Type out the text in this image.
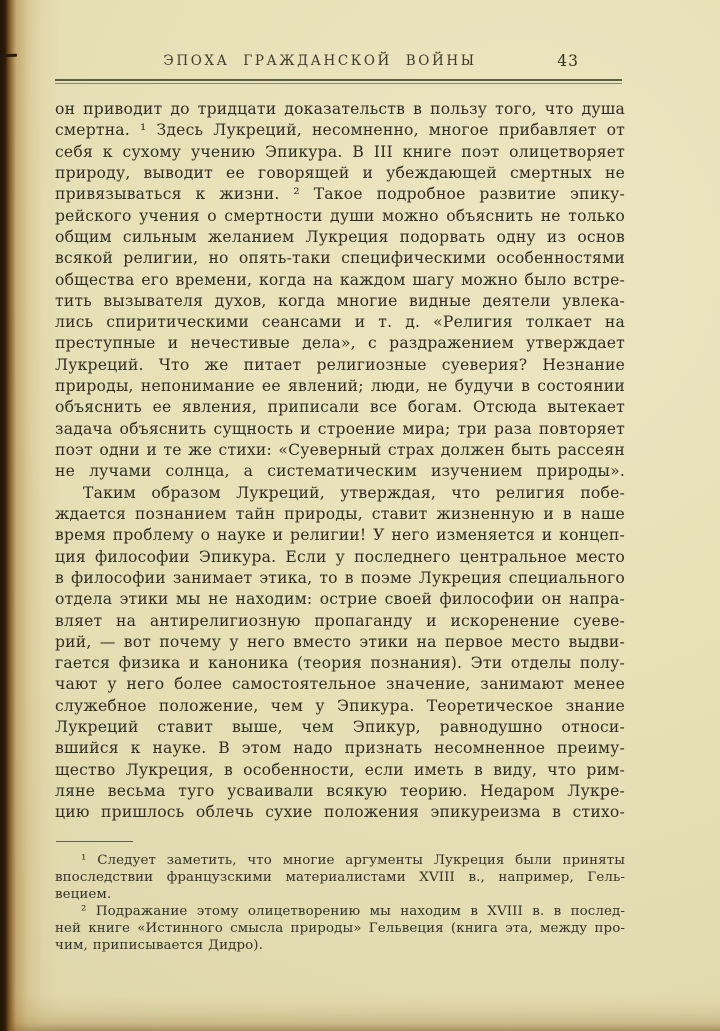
ЭПОХА ГРАЖДАНСКОЙ ВОЙНЫ	43
он приводит до тридцати доказательств в пользу того, что душа
смертна. ¹ Здесь Лукреций, несомненно, многое прибавляет от
себя к сухому учению Эпикура. В III книге поэт олицетворяет
природу, выводит ее говорящей и убеждающей смертных не
привязываться к жизни. ² Такое подробное развитие эпику-
рейского учения о смертности души можно объяснить не только
общим сильным желанием Лукреция подорвать одну из основ
всякой религии, но опять-таки специфическими особенностями
общества его времени, когда на каждом шагу можно было встре-
тить вызывателя духов, когда многие видные деятели увлека-
лись спиритическими сеансами и т. д. «Религия толкает на
преступные и нечестивые дела», с раздражением утверждает
Лукреций. Что же питает религиозные суеверия? Незнание
природы, непонимание ее явлений; люди, не будучи в состоянии
объяснить ее явления, приписали все богам. Отсюда вытекает
задача объяснить сущность и строение мира; три раза повторяет
поэт одни и те же стихи: «Суеверный страх должен быть рассеян
не лучами солнца, а систематическим изучением природы».
Таким образом Лукреций, утверждая, что религия побе-
ждается познанием тайн природы, ставит жизненную и в наше
время проблему о науке и религии! У него изменяется и концеп-
ция философии Эпикура. Если у последнего центральное место
в философии занимает этика, то в поэме Лукреция специального
отдела этики мы не находим: острие своей философии он напра-
вляет на антирелигиозную пропаганду и искоренение суеве-
рий, — вот почему у него вместо этики на первое место выдви-
гается физика и каноника (теория познания). Эти отделы полу-
чают у него более самостоятельное значение, занимают менее
служебное положение, чем у Эпикура. Теоретическое знание
Лукреций ставит выше, чем Эпикур, равнодушно относи-
вшийся к науке. В этом надо признать несомненное преиму-
щество Лукреция, в особенности, если иметь в виду, что рим-
ляне весьма туго усваивали всякую теорию. Недаром Лукре-
цию пришлось облечь сухие положения эпикуреизма в стихо-
¹ Следует заметить, что многие аргументы Лукреция были приняты
впоследствии французскими материалистами XVIII в., например, Гель-
вецием.
² Подражание этому олицетворению мы находим в XVIII в. в послед-
ней книге «Истинного смысла природы» Гельвеция (книга эта, между про-
чим, приписывается Дидро).
